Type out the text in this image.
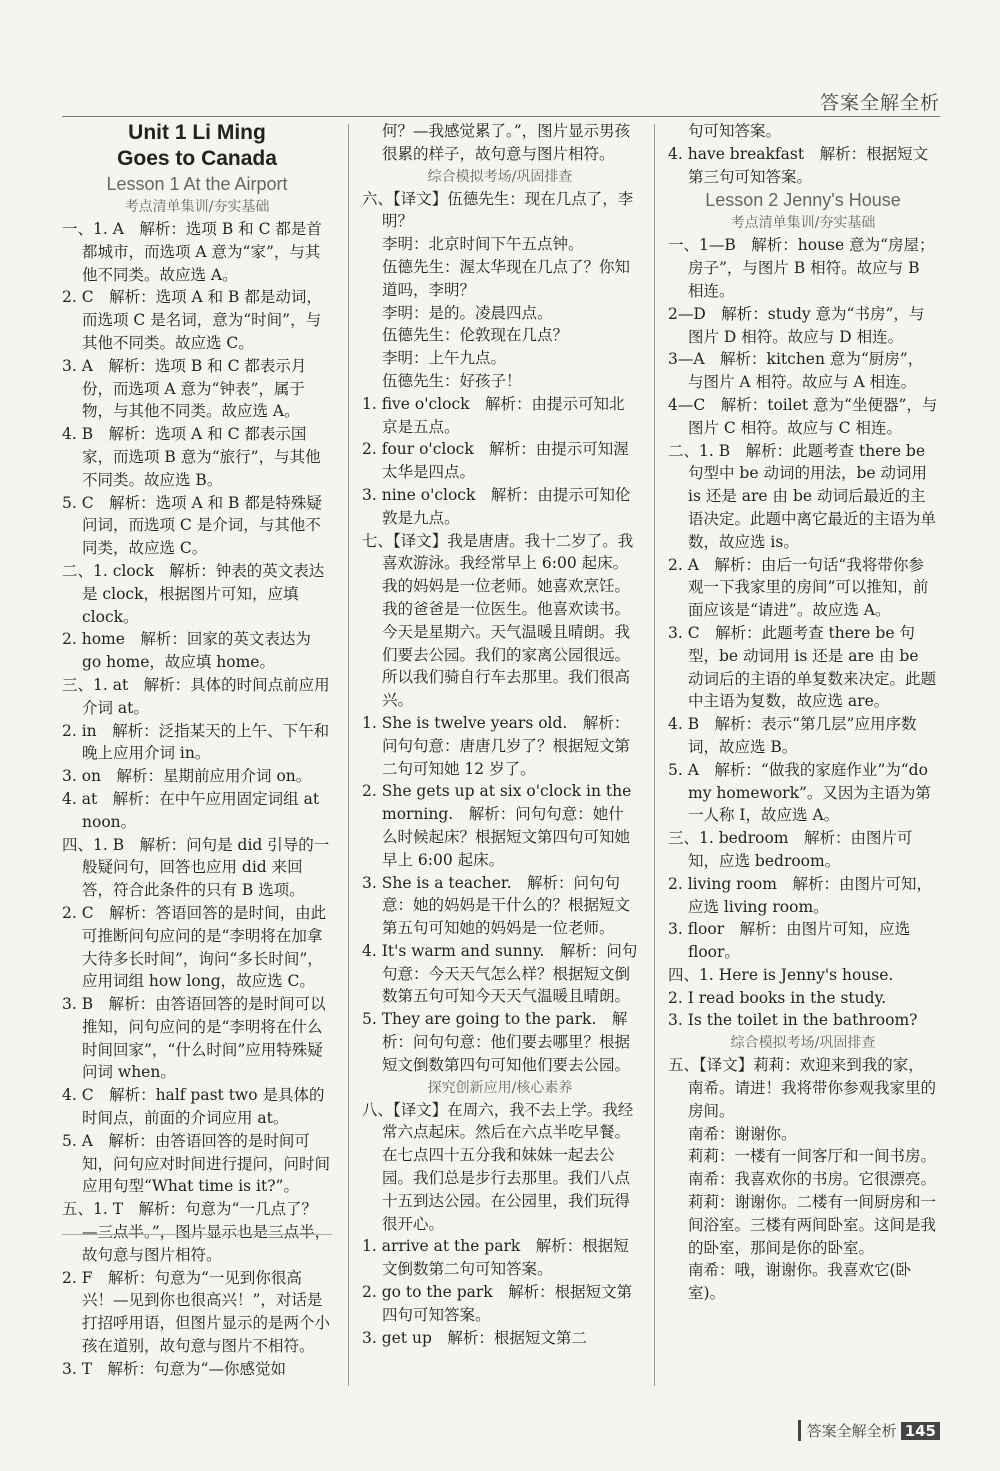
答案全解全析

Unit 1 Li Ming

Goes to Canada

Lesson 1 At the Airport

考点清单集训/夯实基础

一、1. A　解析：选项 B 和 C 都是首都城市，而选项 A 意为“家”，与其他不同类。故应选 A。

2. C　解析：选项 A 和 B 都是动词，而选项 C 是名词，意为“时间”，与其他不同类。故应选 C。

3. A　解析：选项 B 和 C 都表示月份，而选项 A 意为“钟表”，属于物，与其他不同类。故应选 A。

4. B　解析：选项 A 和 C 都表示国家，而选项 B 意为“旅行”，与其他不同类。故应选 B。

5. C　解析：选项 A 和 B 都是特殊疑问词，而选项 C 是介词，与其他不同类，故应选 C。

二、1. clock　解析：钟表的英文表达是 clock，根据图片可知，应填 clock。

2. home　解析：回家的英文表达为 go home，故应填 home。

三、1. at　解析：具体的时间点前应用介词 at。

2. in　解析：泛指某天的上午、下午和晚上应用介词 in。

3. on　解析：星期前应用介词 on。

4. at　解析：在中午应用固定词组 at noon。

四、1. B　解析：问句是 did 引导的一般疑问句，回答也应用 did 来回答，符合此条件的只有 B 选项。

2. C　解析：答语回答的是时间，由此可推断问句应问的是“李明将在加拿大待多长时间”，询问“多长时间”，应用词组 how long，故应选 C。

3. B　解析：由答语回答的是时间可以推知，问句应问的是“李明将在什么时间回家”，“什么时间”应用特殊疑问词 when。

4. C　解析：half past two 是具体的时间点，前面的介词应用 at。

5. A　解析：由答语回答的是时间可知，问句应对时间进行提问，问时间应用句型“What time is it?”。

五、1. T　解析：句意为“一几点了？—三点半。”，图片显示也是三点半，故句意与图片相符。

2. F　解析：句意为“一见到你很高兴！—见到你也很高兴！”，对话是打招呼用语，但图片显示的是两个小孩在道别，故句意与图片不相符。

3. T　解析：句意为“—你感觉如

何？—我感觉累了。”，图片显示男孩很累的样子，故句意与图片相符。

综合模拟考场/巩固排查

六、【译文】伍德先生：现在几点了，李明？

李明：北京时间下午五点钟。

伍德先生：渥太华现在几点了？你知道吗，李明？

李明：是的。凌晨四点。

伍德先生：伦敦现在几点？

李明：上午九点。

伍德先生：好孩子！

1. five o'clock　解析：由提示可知北京是五点。

2. four o'clock　解析：由提示可知渥太华是四点。

3. nine o'clock　解析：由提示可知伦敦是九点。

七、【译文】我是唐唐。我十二岁了。我喜欢游泳。我经常早上 6:00 起床。我的妈妈是一位老师。她喜欢烹饪。我的爸爸是一位医生。他喜欢读书。今天是星期六。天气温暖且晴朗。我们要去公园。我们的家离公园很远。所以我们骑自行车去那里。我们很高兴。

1. She is twelve years old.　解析：问句句意：唐唐几岁了？根据短文第二句可知她 12 岁了。

2. She gets up at six o'clock in the morning.　解析：问句句意：她什么时候起床？根据短文第四句可知她早上 6:00 起床。

3. She is a teacher.　解析：问句句意：她的妈妈是干什么的？根据短文第五句可知她的妈妈是一位老师。

4. It's warm and sunny.　解析：问句句意：今天天气怎么样？根据短文倒数第五句可知今天天气温暖且晴朗。

5. They are going to the park.　解析：问句句意：他们要去哪里？根据短文倒数第四句可知他们要去公园。

探究创新应用/核心素养

八、【译文】在周六，我不去上学。我经常六点起床。然后在六点半吃早餐。在七点四十五分我和妹妹一起去公园。我们总是步行去那里。我们八点十五到达公园。在公园里，我们玩得很开心。

1. arrive at the park　解析：根据短文倒数第二句可知答案。

2. go to the park　解析：根据短文第四句可知答案。

3. get up　解析：根据短文第二

句可知答案。

4. have breakfast　解析：根据短文第三句可知答案。

Lesson 2 Jenny's House

考点清单集训/夯实基础

一、1—B　解析：house 意为“房屋；房子”，与图片 B 相符。故应与 B 相连。

2—D　解析：study 意为“书房”，与图片 D 相符。故应与 D 相连。

3—A　解析：kitchen 意为“厨房”，与图片 A 相符。故应与 A 相连。

4—C　解析：toilet 意为“坐便器”，与图片 C 相符。故应与 C 相连。

二、1. B　解析：此题考查 there be 句型中 be 动词的用法，be 动词用 is 还是 are 由 be 动词后最近的主语决定。此题中离它最近的主语为单数，故应选 is。

2. A　解析：由后一句话“我将带你参观一下我家里的房间”可以推知，前面应该是“请进”。故应选 A。

3. C　解析：此题考查 there be 句型，be 动词用 is 还是 are 由 be 动词后的主语的单复数来决定。此题中主语为复数，故应选 are。

4. B　解析：表示“第几层”应用序数词，故应选 B。

5. A　解析：“做我的家庭作业”为“do my homework”。又因为主语为第一人称 I，故应选 A。

三、1. bedroom　解析：由图片可知，应选 bedroom。

2. living room　解析：由图片可知，应选 living room。

3. floor　解析：由图片可知，应选 floor。

四、1. Here is Jenny's house.

2. I read books in the study.

3. Is the toilet in the bathroom?

综合模拟考场/巩固排查

五、【译文】莉莉：欢迎来到我的家，南希。请进！我将带你参观我家里的房间。

南希：谢谢你。

莉莉：一楼有一间客厅和一间书房。

南希：我喜欢你的书房。它很漂亮。

莉莉：谢谢你。二楼有一间厨房和一间浴室。三楼有两间卧室。这间是我的卧室，那间是你的卧室。

南希：哦，谢谢你。我喜欢它(卧室)。

答案全解全析 145
